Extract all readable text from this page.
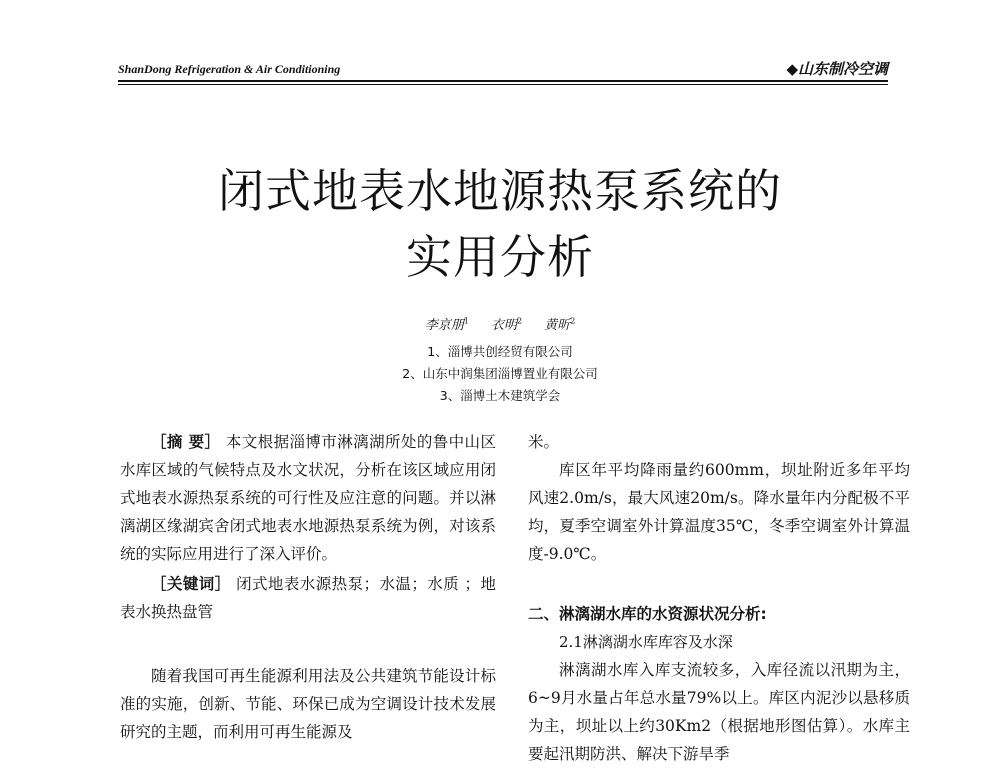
ShanDong Refrigeration & Air Conditioning	◆山东制冷空调
闭式地表水地源热泵系统的
实用分析
李京朋$^1$ 衣明$^2$ 黄昕$^2$
1、淄博共创经贸有限公司
2、山东中润集团淄博置业有限公司
3、淄博土木建筑学会

［摘 要］ 本文根据淄博市淋漓湖所处的鲁中山区水库区域的气候特点及水文状况，分析在该区域应用闭式地表水源热泵系统的可行性及应注意的问题。并以淋漓湖区缘湖宾舍闭式地表水地源热泵系统为例，对该系统的实际应用进行了深入评价。

［关键词］ 闭式地表水源热泵；水温；水质 ；地表水换热盘管

随着我国可再生能源利用法及公共建筑节能设计标准的实施，创新、节能、环保已成为空调设计技术发展研究的主题，而利用可再生能源及

米。

库区年平均降雨量约600mm，坝址附近多年平均风速2.0m/s，最大风速20m/s。降水量年内分配极不平均，夏季空调室外计算温度35℃，冬季空调室外计算温度-9.0℃。

二、淋漓湖水库的水资源状况分析:

2.1淋漓湖水库库容及水深

淋漓湖水库入库支流较多，入库径流以汛期为主，6~9月水量占年总水量79%以上。库区内泥沙以悬移质为主，坝址以上约30Km2（根据地形图估算）。水库主要起汛期防洪、解决下游旱季
